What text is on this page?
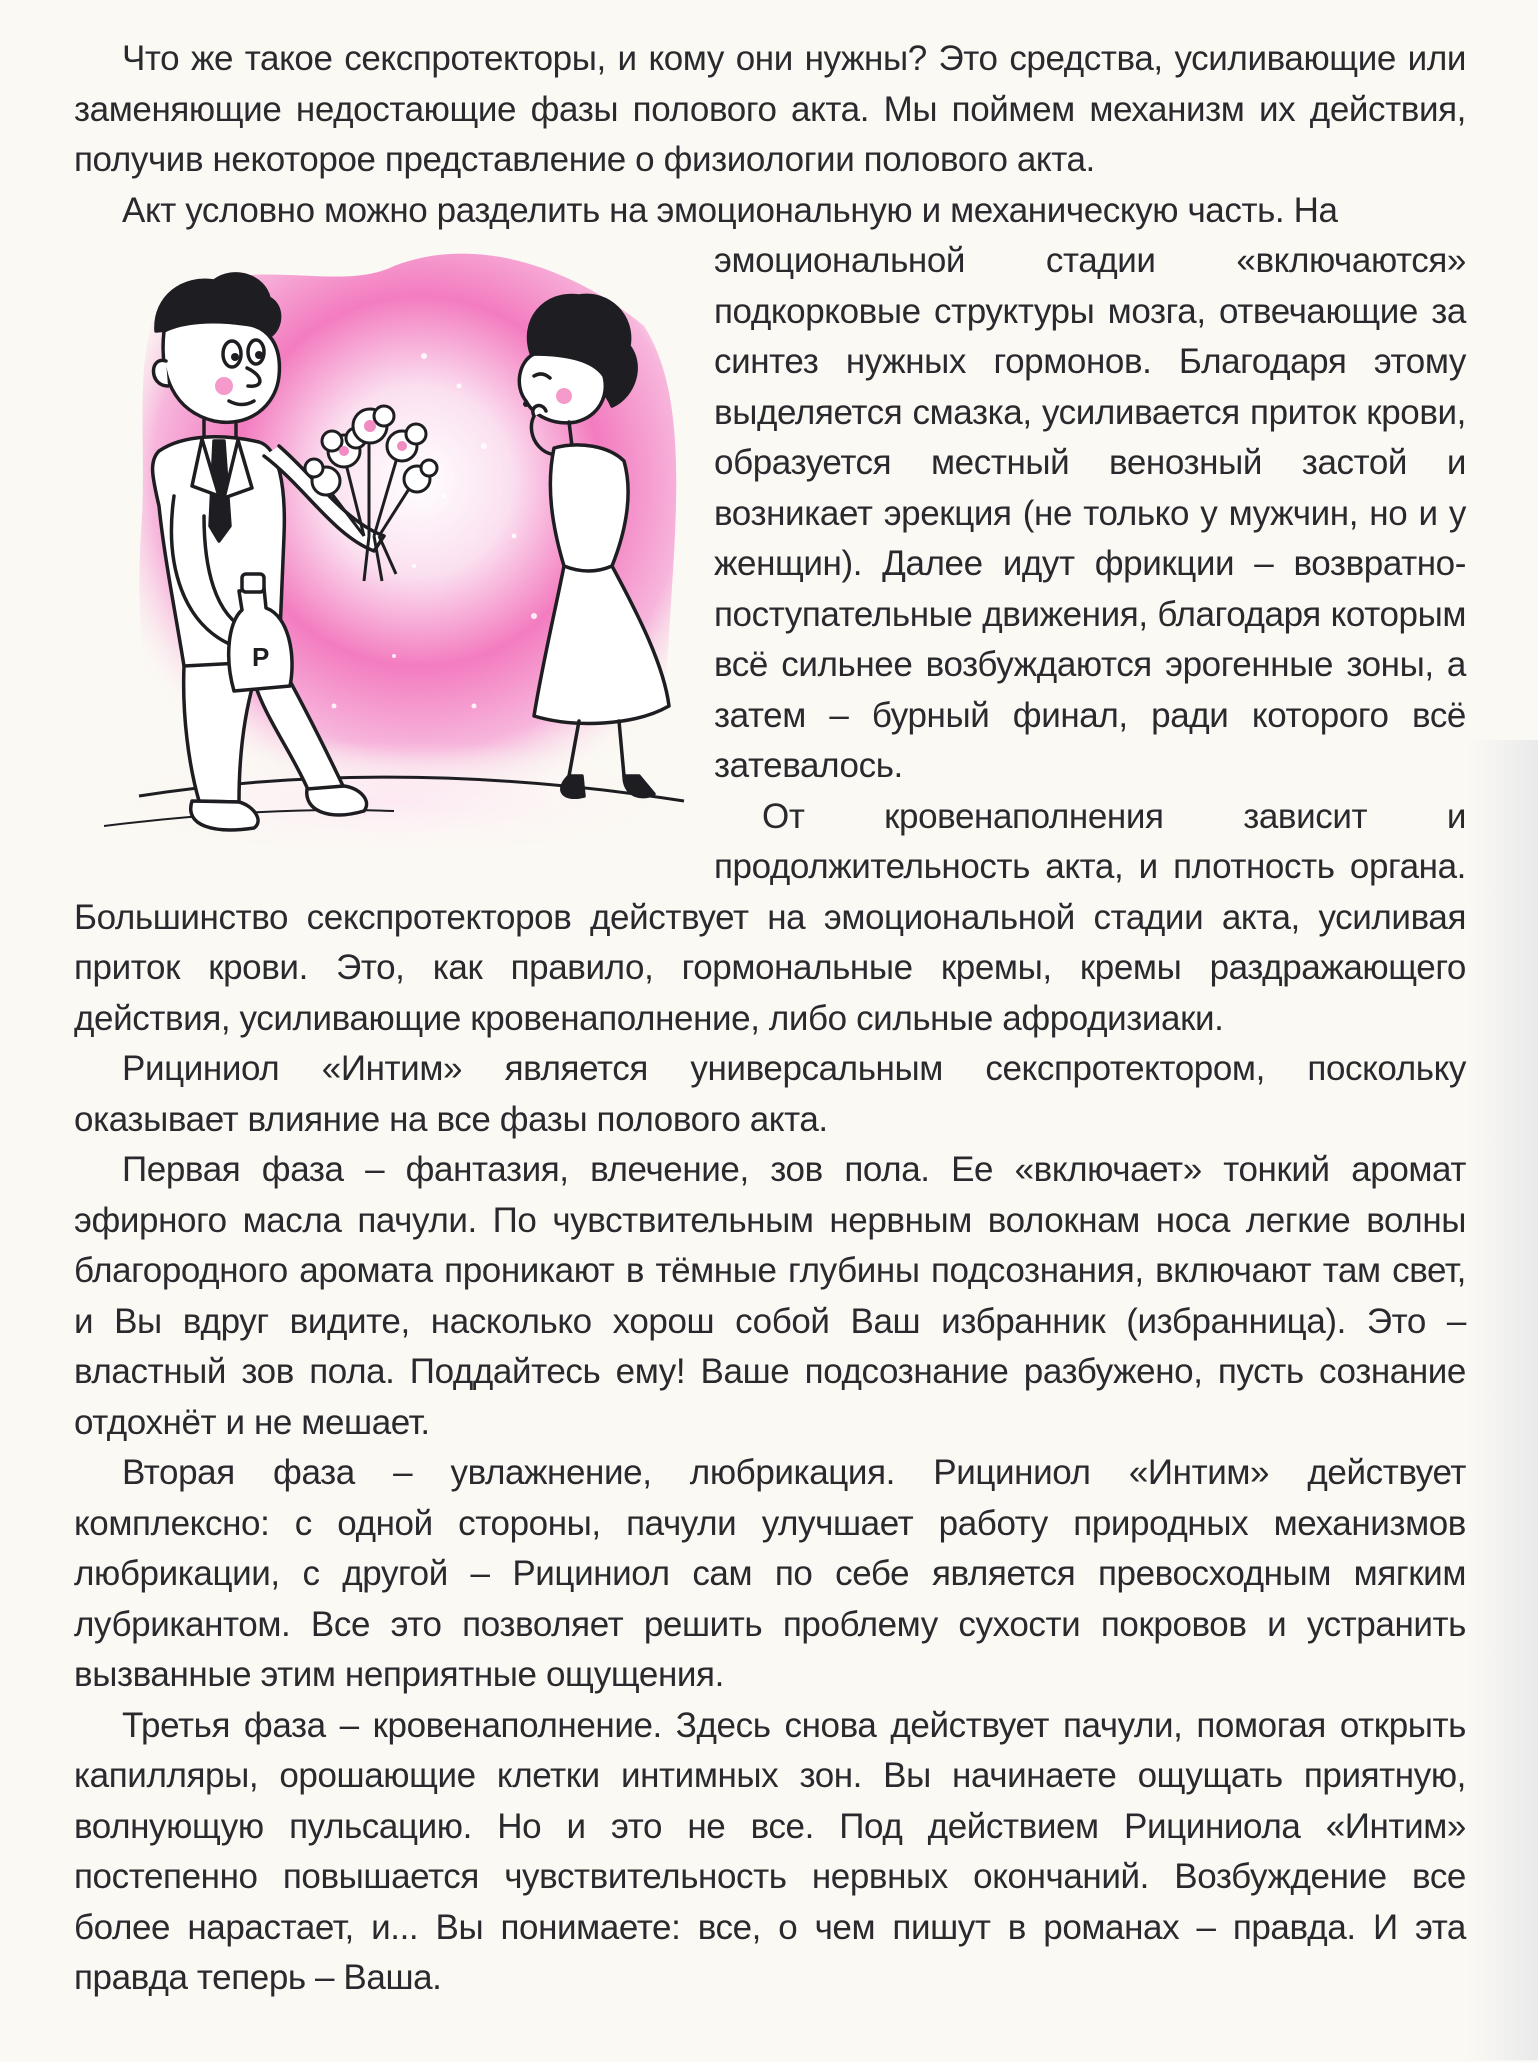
Что же такое секспротекторы, и кому они нужны? Это средства, усиливающие или заменяющие недостающие фазы полового акта. Мы поймем механизм их действия, получив некоторое представление о физиологии полового акта.

Акт условно можно разделить на эмоциональную и механическую часть. На

P

эмоциональной стадии «включаются» подкорковые структуры мозга, отвечающие за синтез нужных гормонов. Благодаря этому выделяется смазка, усиливается приток крови, образуется местный венозный застой и возникает эрекция (не только у мужчин, но и у женщин). Далее идут фрикции – возвратно-поступательные движения, благодаря которым всё сильнее возбуждаются эрогенные зоны, а затем – бурный финал, ради которого всё затевалось.

От кровенаполнения зависит и продолжительность акта, и плотность органа. Большинство секспротекторов действует на эмоциональной стадии акта, усиливая приток крови. Это, как правило, гормональные кремы, кремы раздражающего действия, усиливающие кровенаполнение, либо сильные афродизиаки.

Рициниол «Интим» является универсальным секспротектором, поскольку оказывает влияние на все фазы полового акта.

Первая фаза – фантазия, влечение, зов пола. Ее «включает» тонкий аромат эфирного масла пачули. По чувствительным нервным волокнам носа легкие волны благородного аромата проникают в тёмные глубины подсознания, включают там свет, и Вы вдруг видите, насколько хорош собой Ваш избранник (избранница). Это – властный зов пола. Поддайтесь ему! Ваше подсознание разбужено, пусть сознание отдохнёт и не мешает.

Вторая фаза – увлажнение, любрикация. Рициниол «Интим» действует комплексно: с одной стороны, пачули улучшает работу природных механизмов любрикации, с другой – Рициниол сам по себе является превосходным мягким лубрикантом. Все это позволяет решить проблему сухости покровов и устранить вызванные этим неприятные ощущения.

Третья фаза – кровенаполнение. Здесь снова действует пачули, помогая открыть капилляры, орошающие клетки интимных зон. Вы начинаете ощущать приятную, волнующую пульсацию. Но и это не все. Под действием Рициниола «Интим» постепенно повышается чувствительность нервных окончаний. Возбуждение все более нарастает, и... Вы понимаете: все, о чем пишут в романах – правда. И эта правда теперь – Ваша.
